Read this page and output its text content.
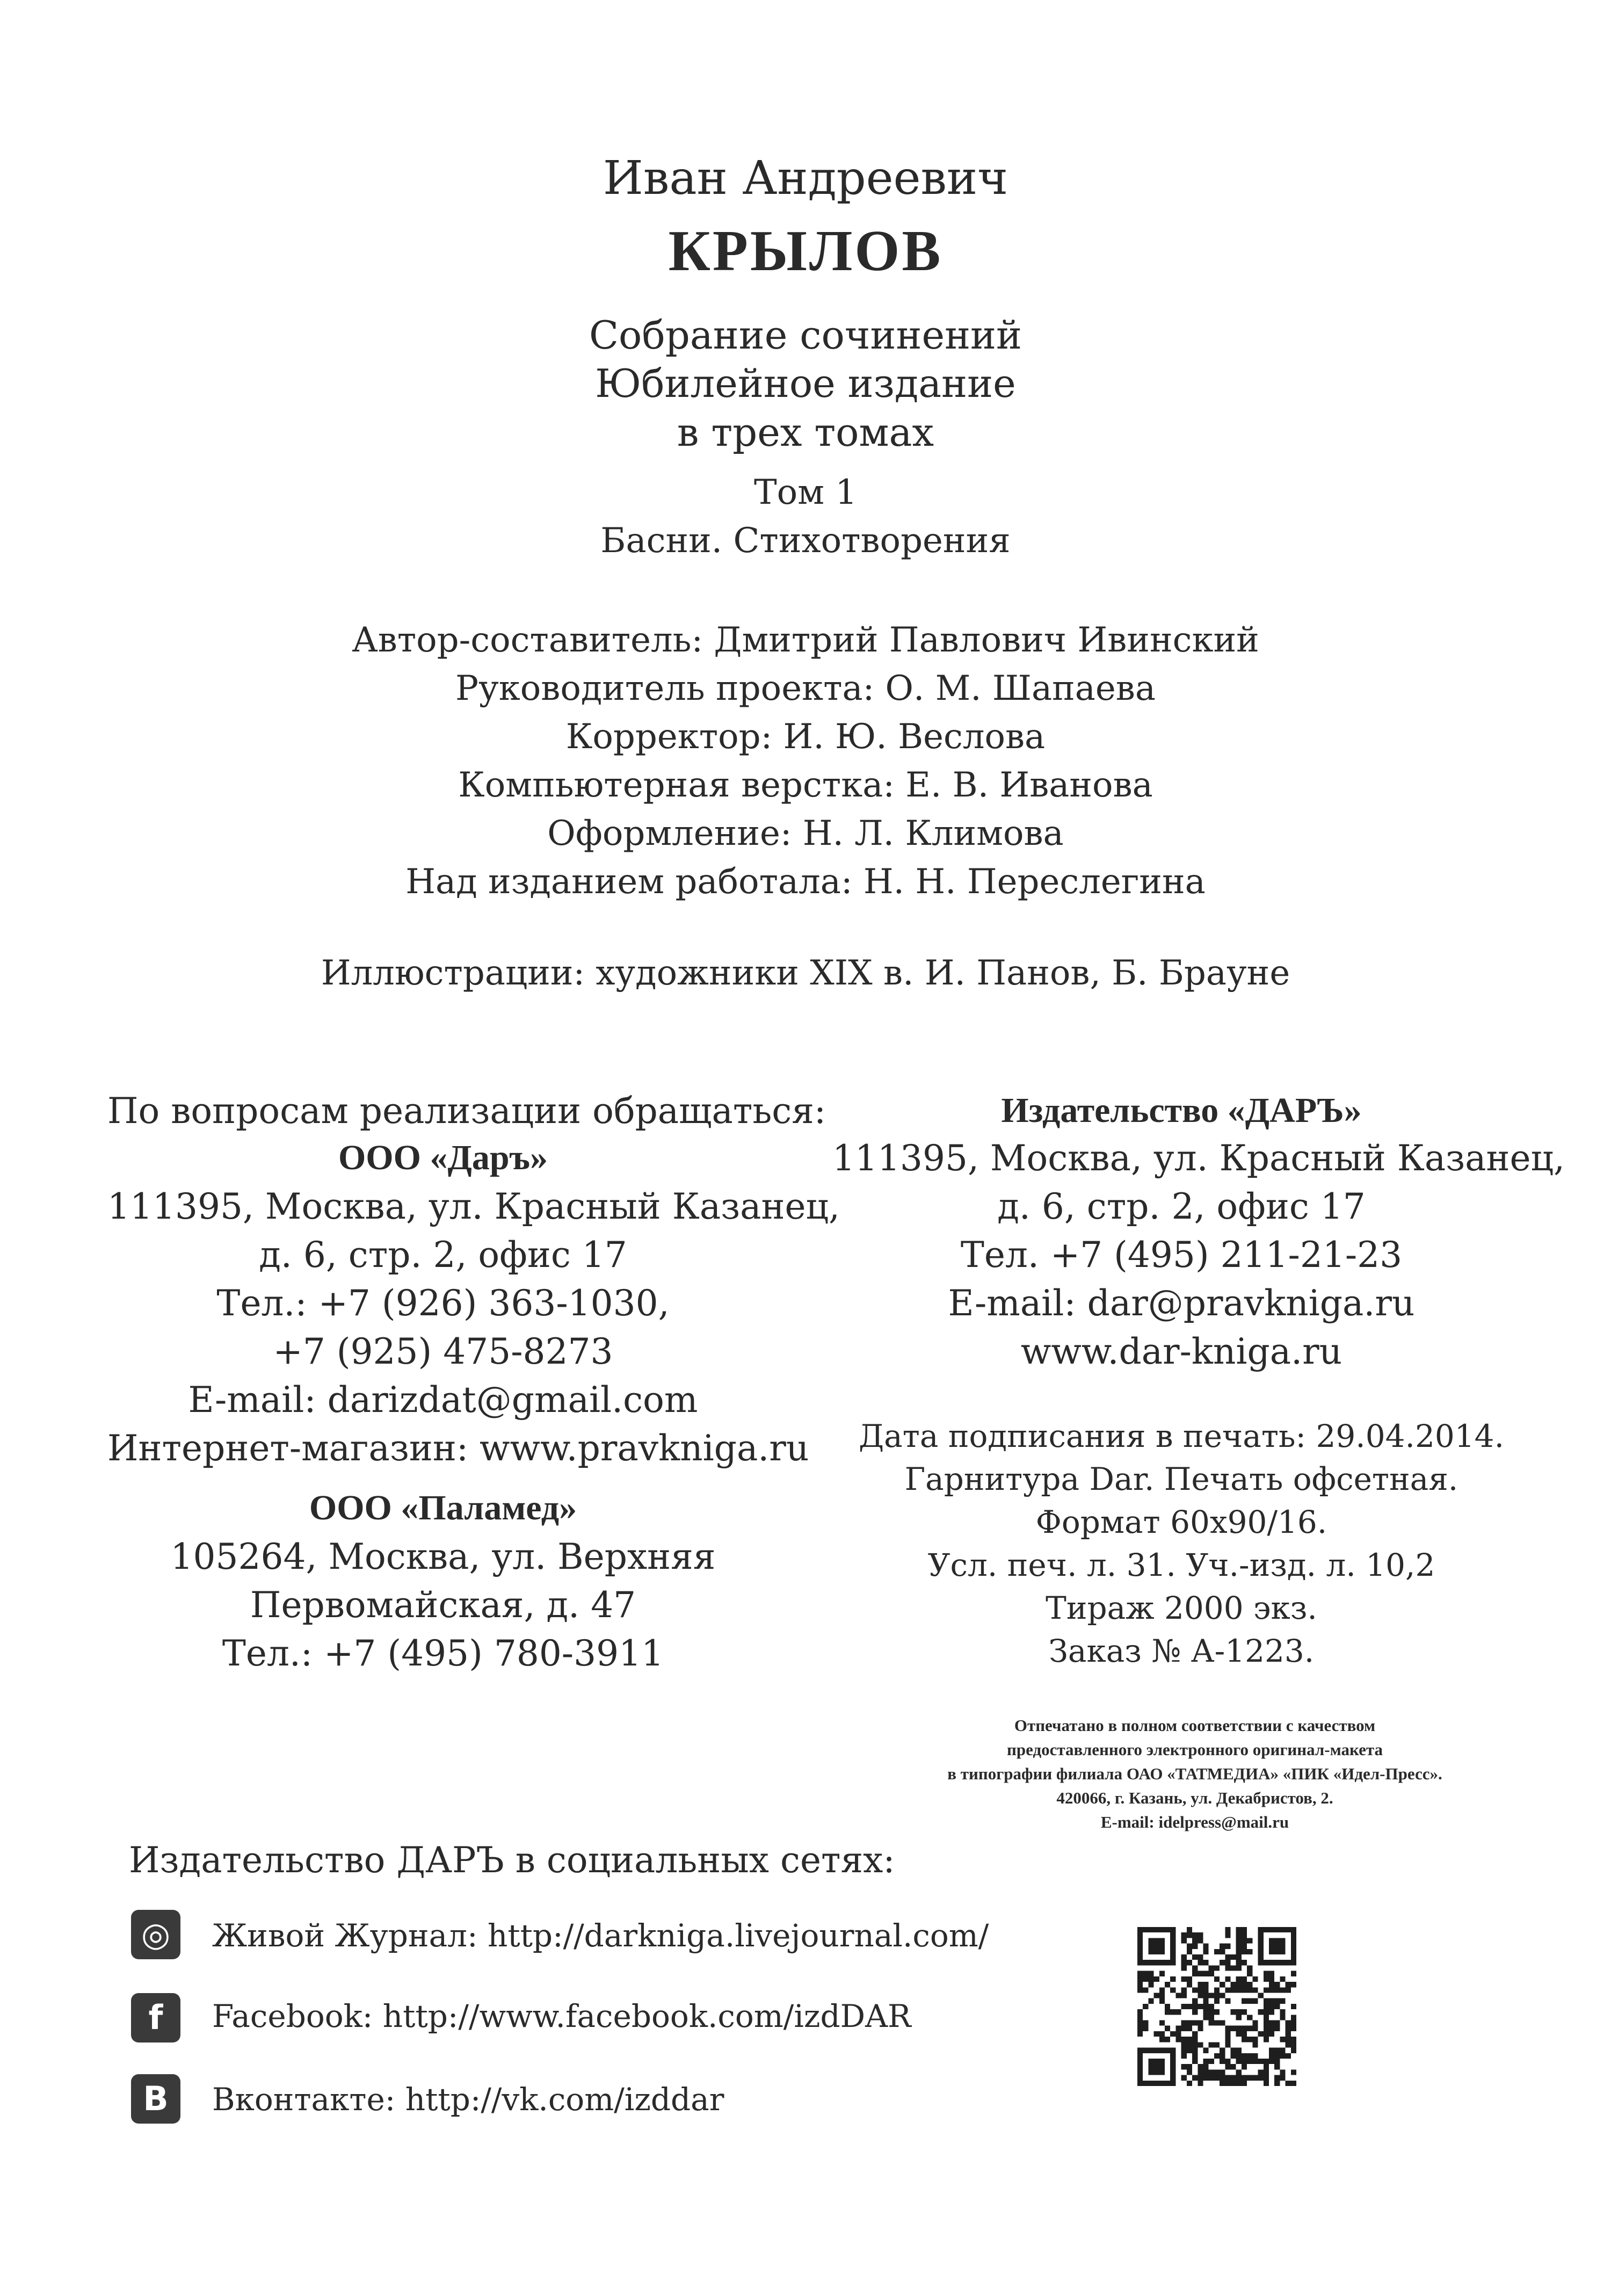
Иван Андреевич
КРЫЛОВ
Собрание сочинений
Юбилейное издание
в трех томах
Том 1
Басни. Стихотворения
Автор-составитель: Дмитрий Павлович Ивинский
Руководитель проекта: О. М. Шапаева
Корректор: И. Ю. Веслова
Компьютерная верстка: Е. В. Иванова
Оформление: Н. Л. Климова
Над изданием работала: Н. Н. Переслегина
Иллюстрации: художники XIX в. И. Панов, Б. Брауне
По вопросам реализации обращаться:
ООО «Даръ»
111395, Москва, ул. Красный Казанец,
д. 6, стр. 2, офис 17
Тел.: +7 (926) 363-1030,
+7 (925) 475-8273
E-mail: darizdat@gmail.com
Интернет-магазин: www.pravkniga.ru
ООО «Паламед»
105264, Москва, ул. Верхняя
Первомайская, д. 47
Тел.: +7 (495) 780-3911
Издательство «ДАРЪ»
111395, Москва, ул. Красный Казанец,
д. 6, стр. 2, офис 17
Тел. +7 (495) 211-21-23
E-mail: dar@pravkniga.ru
www.dar-kniga.ru
Дата подписания в печать: 29.04.2014.
Гарнитура Dar. Печать офсетная.
Формат 60x90/16.
Усл. печ. л. 31. Уч.-изд. л. 10,2
Тираж 2000 экз.
Заказ № А-1223.
Отпечатано в полном соответствии с качеством
предоставленного электронного оригинал-макета
в типографии филиала ОАО «ТАТМЕДИА» «ПИК «Идел-Пресс».
420066, г. Казань, ул. Декабристов, 2.
E-mail: idelpress@mail.ru
Издательство ДАРЪ в социальных сетях:
◎	Живой Журнал: http://darkniga.livejournal.com/
f	Facebook: http://www.facebook.com/izdDAR
B	Вконтакте: http://vk.com/izddar
